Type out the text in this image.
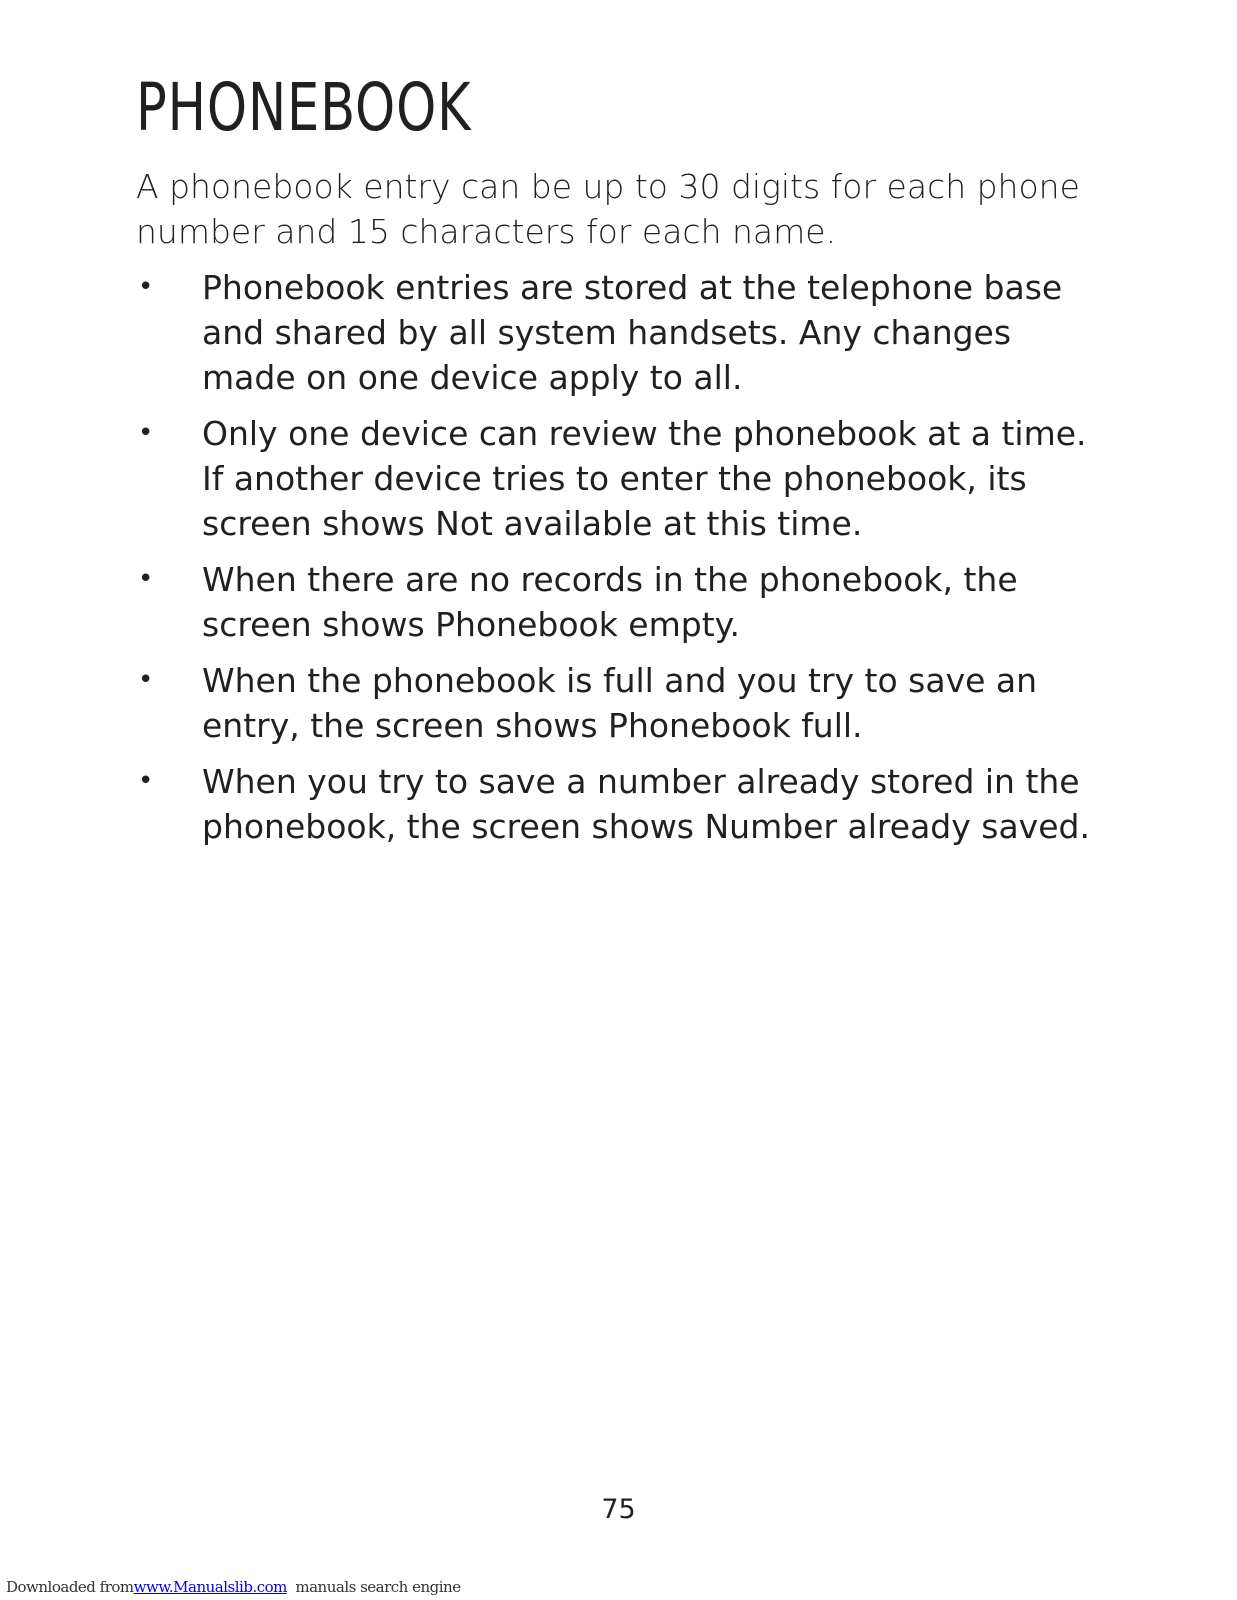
PHONEBOOK

A phonebook entry can be up to 30 digits for each phone number and 15 characters for each name.

• Phonebook entries are stored at the telephone base and shared by all system handsets. Any changes made on one device apply to all.
• Only one device can review the phonebook at a time. If another device tries to enter the phonebook, its screen shows Not available at this time.
• When there are no records in the phonebook, the screen shows Phonebook empty.
• When the phonebook is full and you try to save an entry, the screen shows Phonebook full.
• When you try to save a number already stored in the phonebook, the screen shows Number already saved.
75
Downloaded fromwww.Manualslib.com manuals search engine
